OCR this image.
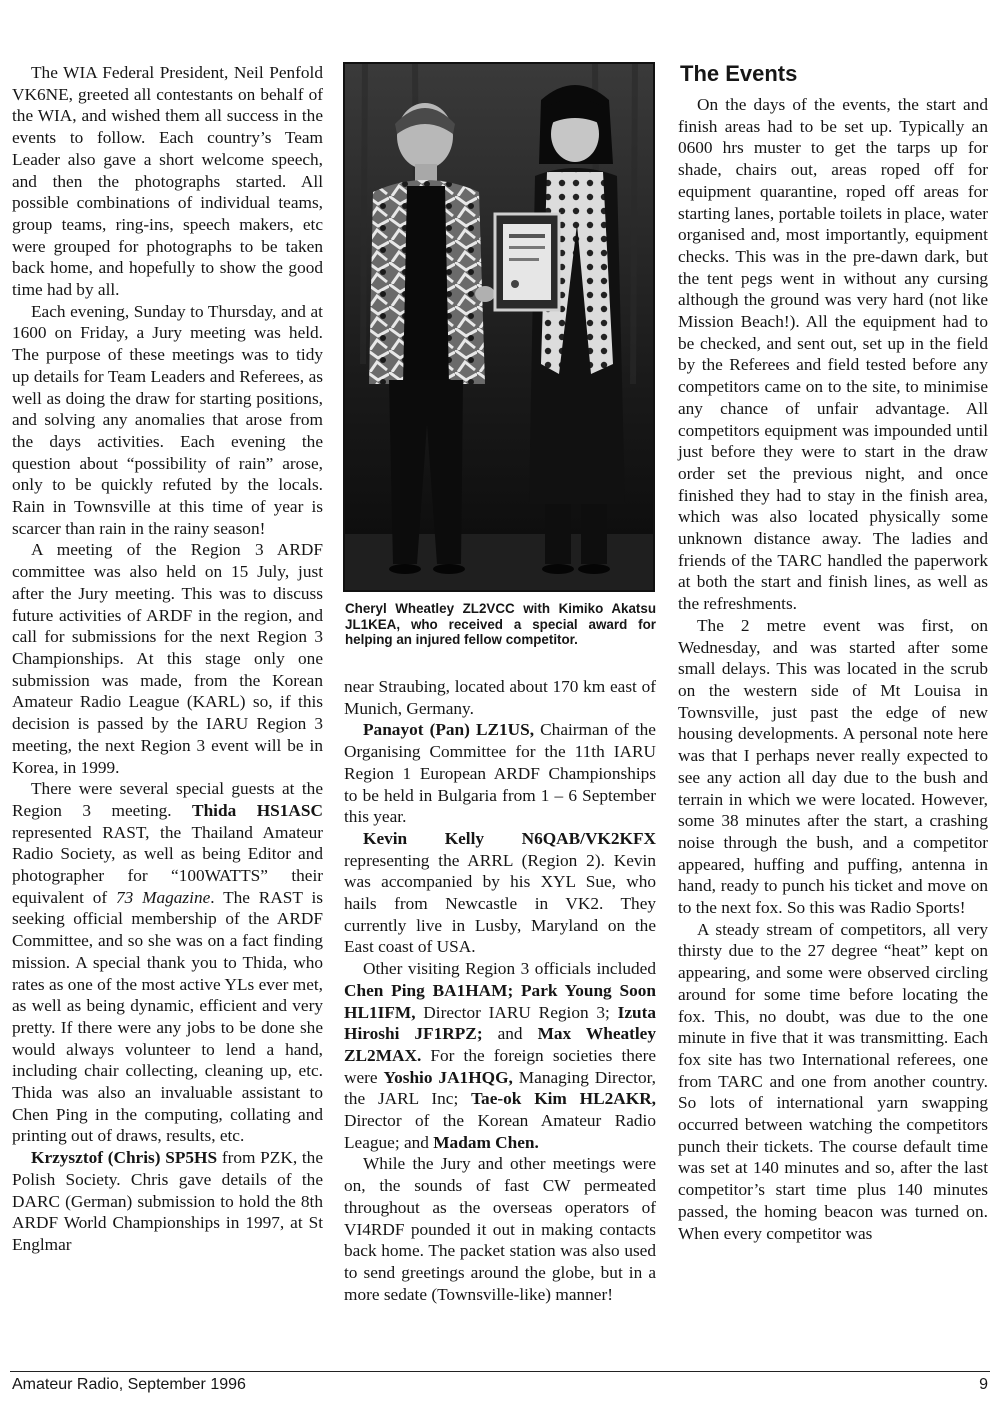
The WIA Federal President, Neil Penfold VK6NE, greeted all contestants on behalf of the WIA, and wished them all success in the events to follow. Each country’s Team Leader also gave a short welcome speech, and then the photographs started. All possible combinations of individual teams, group teams, ring-ins, speech makers, etc were grouped for photographs to be taken back home, and hopefully to show the good time had by all.

Each evening, Sunday to Thursday, and at 1600 on Friday, a Jury meeting was held. The purpose of these meetings was to tidy up details for Team Leaders and Referees, as well as doing the draw for starting positions, and solving any anomalies that arose from the days activities. Each evening the question about “possibility of rain” arose, only to be quickly refuted by the locals. Rain in Townsville at this time of year is scarcer than rain in the rainy season!

A meeting of the Region 3 ARDF committee was also held on 15 July, just after the Jury meeting. This was to discuss future activities of ARDF in the region, and call for submissions for the next Region 3 Championships. At this stage only one submission was made, from the Korean Amateur Radio League (KARL) so, if this decision is passed by the IARU Region 3 meeting, the next Region 3 event will be in Korea, in 1999.

There were several special guests at the Region 3 meeting. Thida HS1ASC represented RAST, the Thailand Amateur Radio Society, as well as being Editor and photographer for “100WATTS” their equivalent of 73 Magazine. The RAST is seeking official membership of the ARDF Committee, and so she was on a fact finding mission. A special thank you to Thida, who rates as one of the most active YLs ever met, as well as being dynamic, efficient and very pretty. If there were any jobs to be done she would always volunteer to lend a hand, including chair collecting, cleaning up, etc. Thida was also an invaluable assistant to Chen Ping in the computing, collating and printing out of draws, results, etc.

Krzysztof (Chris) SP5HS from PZK, the Polish Society. Chris gave details of the DARC (German) submission to hold the 8th ARDF World Championships in 1997, at St Englmar

Cheryl Wheatley ZL2VCC with Kimiko Akatsu JL1KEA, who received a special award for helping an injured fellow competitor.

near Straubing, located about 170 km east of Munich, Germany.

Panayot (Pan) LZ1US, Chairman of the Organising Committee for the 11th IARU Region 1 European ARDF Championships to be held in Bulgaria from 1 – 6 September this year.

Kevin Kelly N6QAB/VK2KFX representing the ARRL (Region 2). Kevin was accompanied by his XYL Sue, who hails from Newcastle in VK2. They currently live in Lusby, Maryland on the East coast of USA.

Other visiting Region 3 officials included Chen Ping BA1HAM; Park Young Soon HL1IFM, Director IARU Region 3; Izuta Hiroshi JF1RPZ; and Max Wheatley ZL2MAX. For the foreign societies there were Yoshio JA1HQG, Managing Director, the JARL Inc; Tae-ok Kim HL2AKR, Director of the Korean Amateur Radio League; and Madam Chen.

While the Jury and other meetings were on, the sounds of fast CW permeated throughout as the overseas operators of VI4RDF pounded it out in making contacts back home. The packet station was also used to send greetings around the globe, but in a more sedate (Townsville-like) manner!

The Events

On the days of the events, the start and finish areas had to be set up. Typically an 0600 hrs muster to get the tarps up for shade, chairs out, areas roped off for equipment quarantine, roped off areas for starting lanes, portable toilets in place, water organised and, most importantly, equipment checks. This was in the pre-dawn dark, but the tent pegs went in without any cursing although the ground was very hard (not like Mission Beach!). All the equipment had to be checked, and sent out, set up in the field by the Referees and field tested before any competitors came on to the site, to minimise any chance of unfair advantage. All competitors equipment was impounded until just before they were to start in the draw order set the previous night, and once finished they had to stay in the finish area, which was also located physically some unknown distance away. The ladies and friends of the TARC handled the paperwork at both the start and finish lines, as well as the refreshments.

The 2 metre event was first, on Wednesday, and was started after some small delays. This was located in the scrub on the western side of Mt Louisa in Townsville, just past the edge of new housing developments. A personal note here was that I perhaps never really expected to see any action all day due to the bush and terrain in which we were located. However, some 38 minutes after the start, a crashing noise through the bush, and a competitor appeared, huffing and puffing, antenna in hand, ready to punch his ticket and move on to the next fox. So this was Radio Sports!

A steady stream of competitors, all very thirsty due to the 27 degree “heat” kept on appearing, and some were observed circling around for some time before locating the fox. This, no doubt, was due to the one minute in five that it was transmitting. Each fox site has two International referees, one from TARC and one from another country. So lots of international yarn swapping occurred between watching the competitors punch their tickets. The course default time was set at 140 minutes and so, after the last competitor’s start time plus 140 minutes passed, the homing beacon was turned on. When every competitor was

Amateur Radio, September 1996	9
